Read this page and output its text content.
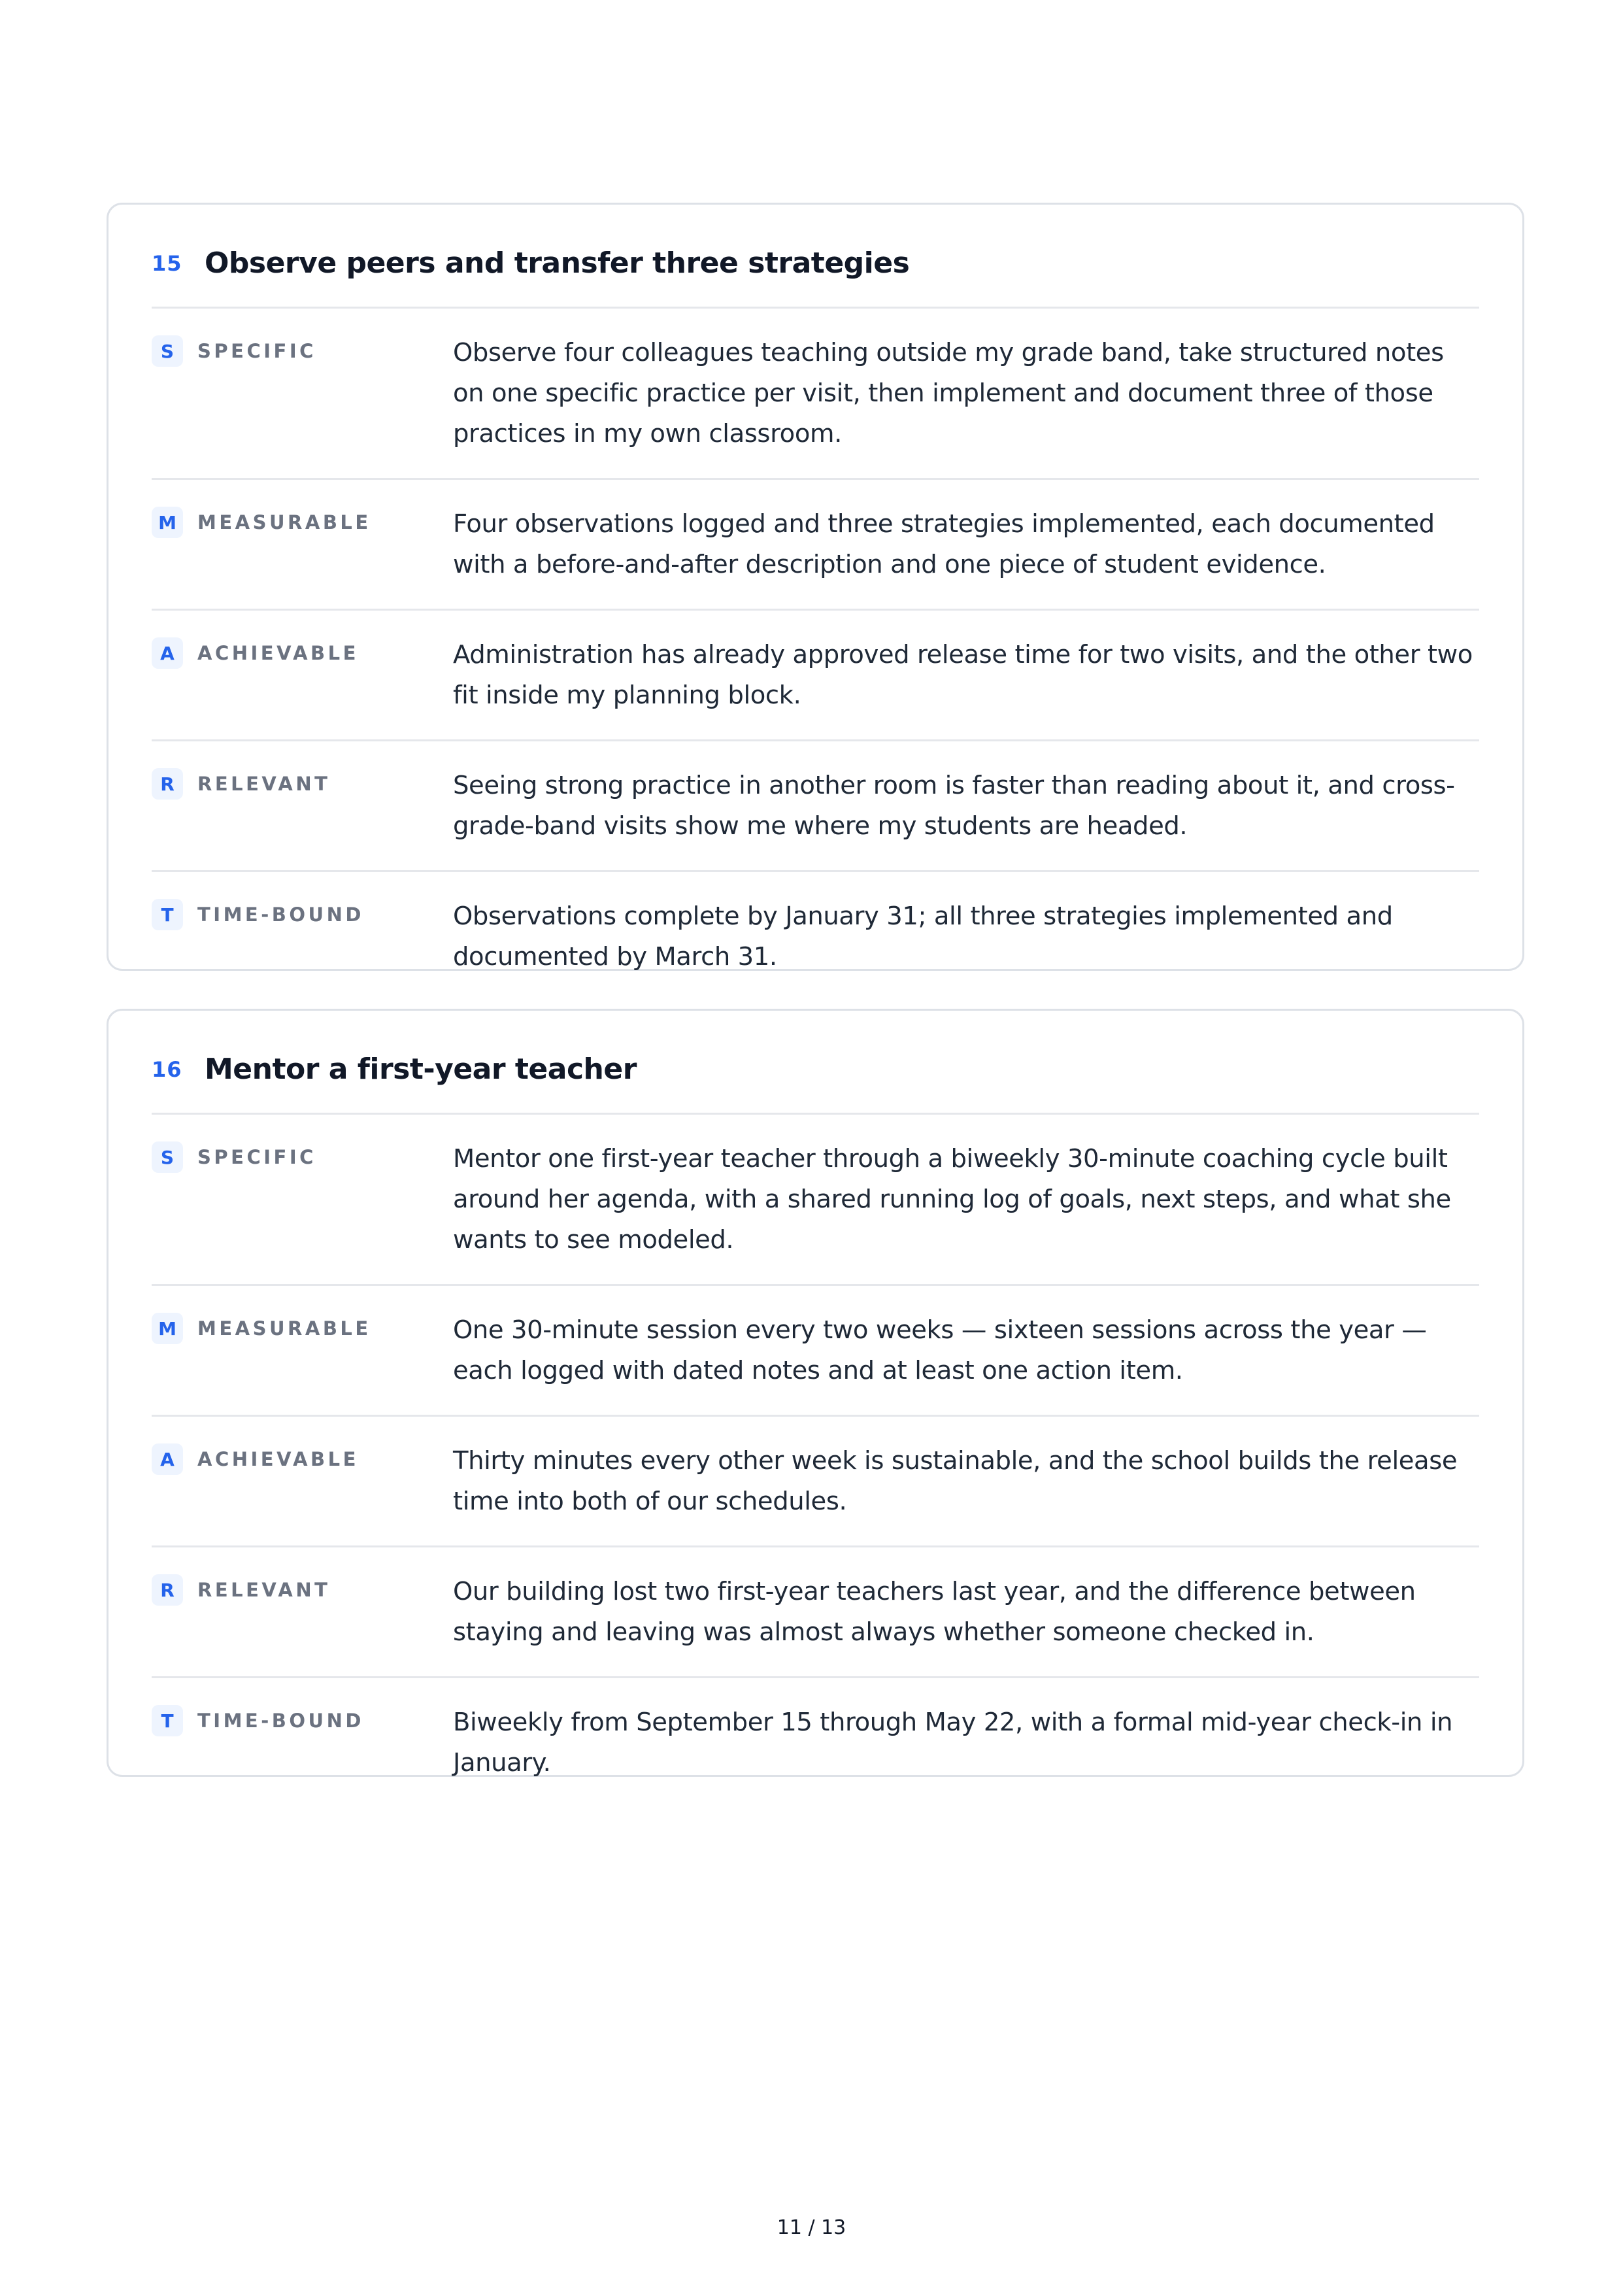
15 Observe peers and transfer three strategies
S	SPECIFIC	Observe four colleagues teaching outside my grade band, take structured notes on one specific practice per visit, then implement and document three of those practices in my own classroom.
M	MEASURABLE	Four observations logged and three strategies implemented, each documented with a before-and-after description and one piece of student evidence.
A	ACHIEVABLE	Administration has already approved release time for two visits, and the other two fit inside my planning block.
R	RELEVANT	Seeing strong practice in another room is faster than reading about it, and cross-grade-band visits show me where my students are headed.
T	TIME-BOUND	Observations complete by January 31; all three strategies implemented and documented by March 31.
16 Mentor a first-year teacher
S	SPECIFIC	Mentor one first-year teacher through a biweekly 30-minute coaching cycle built around her agenda, with a shared running log of goals, next steps, and what she wants to see modeled.
M	MEASURABLE	One 30-minute session every two weeks — sixteen sessions across the year — each logged with dated notes and at least one action item.
A	ACHIEVABLE	Thirty minutes every other week is sustainable, and the school builds the release time into both of our schedules.
R	RELEVANT	Our building lost two first-year teachers last year, and the difference between staying and leaving was almost always whether someone checked in.
T	TIME-BOUND	Biweekly from September 15 through May 22, with a formal mid-year check-in in January.
11 / 13
